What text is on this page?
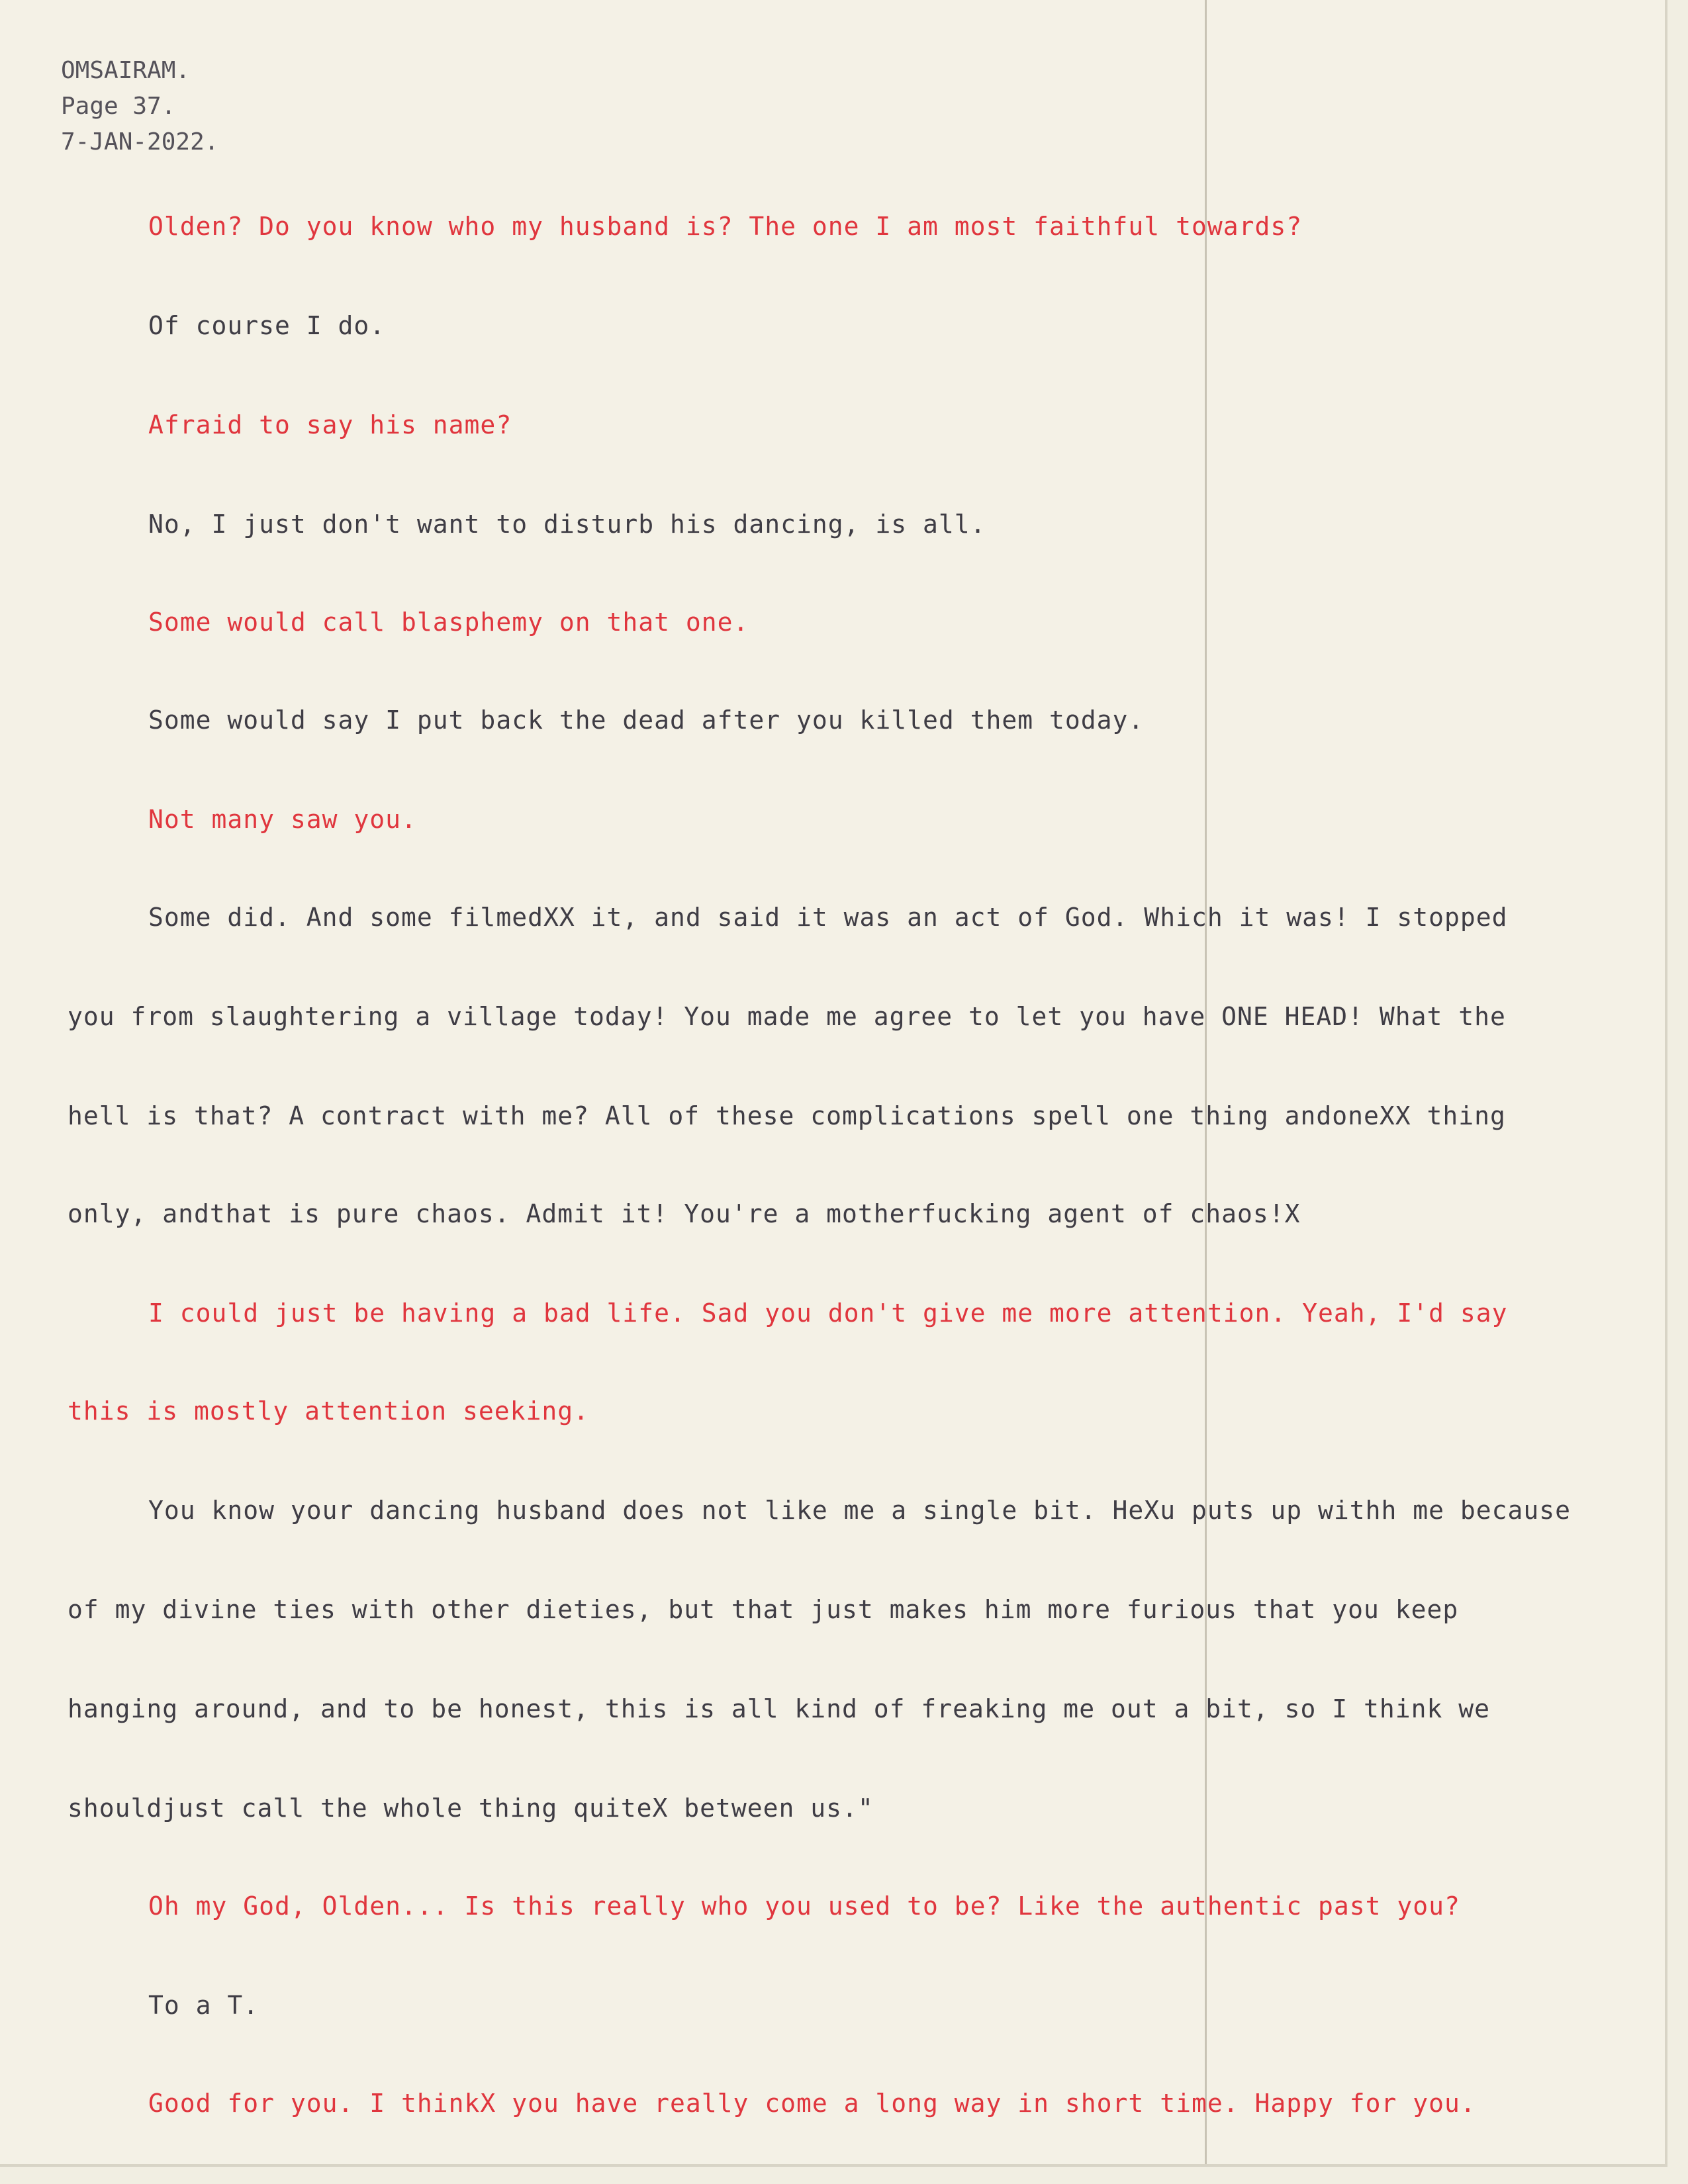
OMSAIRAM.
Page 37.
7-JAN-2022.
Olden? Do you know who my husband is? The one I am most faithful towards?
Of course I do.
Afraid to say his name?
No, I just don't want to disturb his dancing, is all.
Some would call blasphemy on that one.
Some would say I put back the dead after you killed them today.
Not many saw you.
Some did. And some filmedXX it, and said it was an act of God. Which it was! I stopped
you from slaughtering a village today! You made me agree to let you have ONE HEAD! What the
hell is that? A contract with me? All of these complications spell one thing andoneXX thing
only, andthat is pure chaos. Admit it! You're a motherfucking agent of chaos!X
I could just be having a bad life. Sad you don't give me more attention. Yeah, I'd say
this is mostly attention seeking.
You know your dancing husband does not like me a single bit. HeXu puts up withh me because
of my divine ties with other dieties, but that just makes him more furious that you keep
hanging around, and to be honest, this is all kind of freaking me out a bit, so I think we
shouldjust call the whole thing quiteX between us."
Oh my God, Olden... Is this really who you used to be? Like the authentic past you?
To a T.
Good for you. I thinkX you have really come a long way in short time. Happy for you.
